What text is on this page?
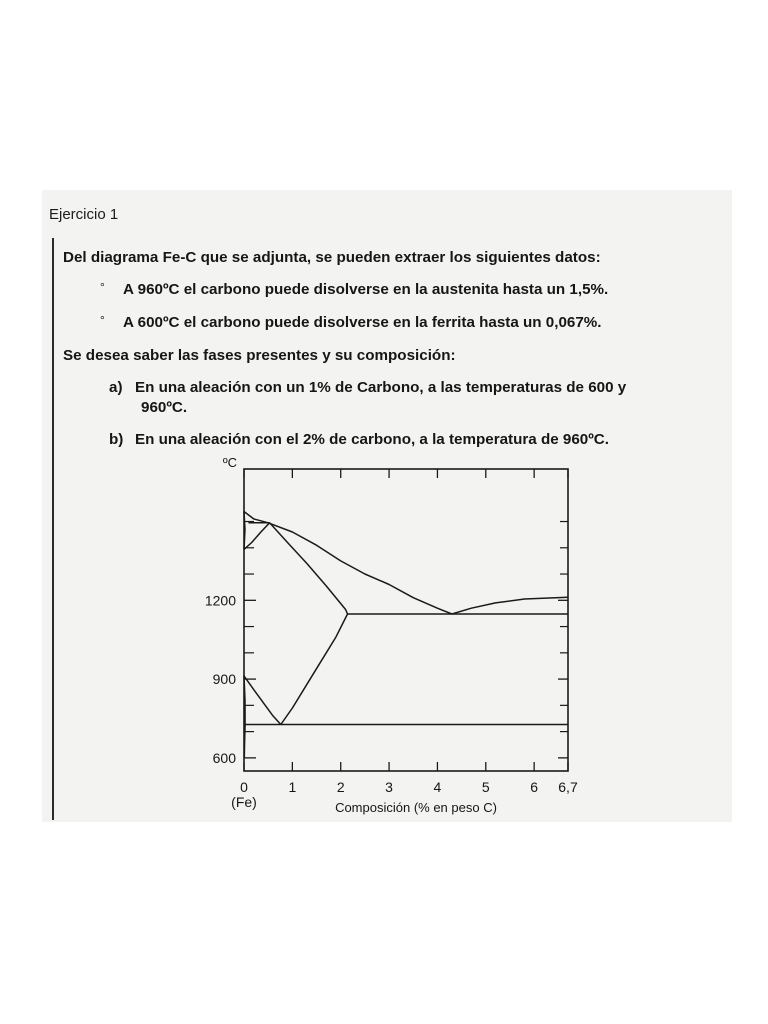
Ejercicio 1
Del diagrama Fe-C que se adjunta, se pueden extraer los siguientes datos:
° A 960ºC el carbono puede disolverse en la austenita hasta un 1,5%.
° A 600ºC el carbono puede disolverse en la ferrita hasta un 0,067%.
Se desea saber las fases presentes y su composición:
a) En una aleación con un 1% de Carbono, a las temperaturas de 600 y
960ºC.
b) En una aleación con el 2% de carbono, a la temperatura de 960ºC.
0	1	2	3	4	5	6 6,7
(Fe)	Composición (% en peso C)
1200
900
600
ºC
